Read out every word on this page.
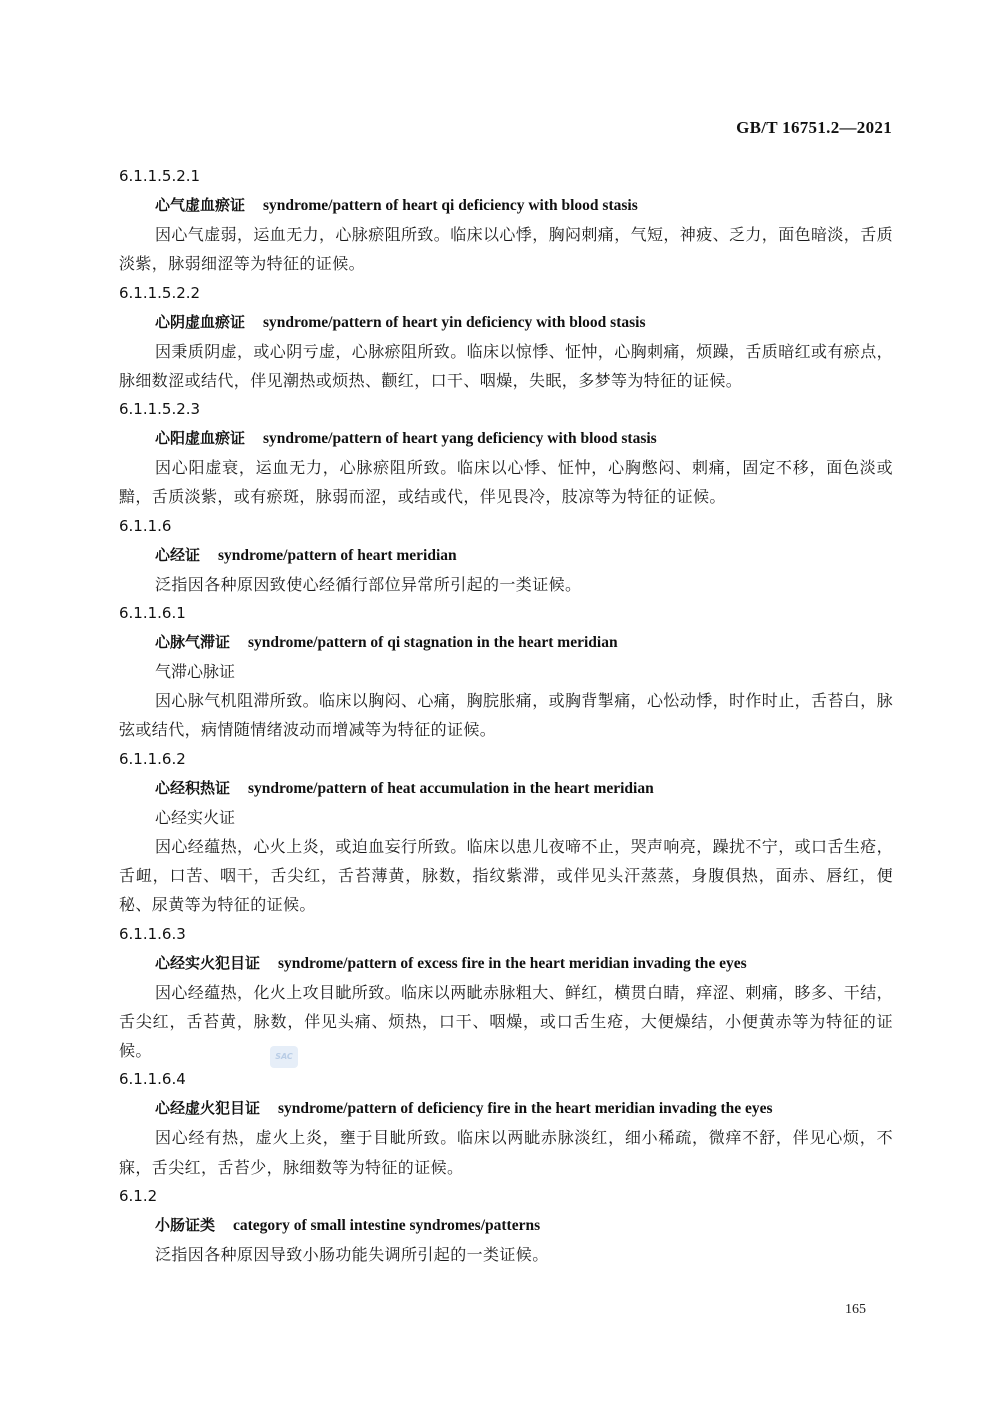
GB/T 16751.2—2021
6.1.1.5.2.1
心气虚血瘀证 syndrome/pattern of heart qi deficiency with blood stasis

因心气虚弱，运血无力，心脉瘀阻所致。临床以心悸，胸闷刺痛，气短，神疲、乏力，面色暗淡，舌质淡紫，脉弱细涩等为特征的证候。

6.1.1.5.2.2
心阴虚血瘀证 syndrome/pattern of heart yin deficiency with blood stasis

因秉质阴虚，或心阴亏虚，心脉瘀阻所致。临床以惊悸、怔忡，心胸刺痛，烦躁，舌质暗红或有瘀点，脉细数涩或结代，伴见潮热或烦热、颧红，口干、咽燥，失眠，多梦等为特征的证候。

6.1.1.5.2.3
心阳虚血瘀证 syndrome/pattern of heart yang deficiency with blood stasis

因心阳虚衰，运血无力，心脉瘀阻所致。临床以心悸、怔忡，心胸憋闷、刺痛，固定不移，面色淡或黯，舌质淡紫，或有瘀斑，脉弱而涩，或结或代，伴见畏冷，肢凉等为特征的证候。

6.1.1.6
心经证 syndrome/pattern of heart meridian

泛指因各种原因致使心经循行部位异常所引起的一类证候。

6.1.1.6.1
心脉气滞证 syndrome/pattern of qi stagnation in the heart meridian
气滞心脉证

因心脉气机阻滞所致。临床以胸闷、心痛，胸脘胀痛，或胸背掣痛，心忪动悸，时作时止，舌苔白，脉弦或结代，病情随情绪波动而增减等为特征的证候。

6.1.1.6.2
心经积热证 syndrome/pattern of heat accumulation in the heart meridian
心经实火证

因心经蕴热，心火上炎，或迫血妄行所致。临床以患儿夜啼不止，哭声响亮，躁扰不宁，或口舌生疮，舌衄，口苦、咽干，舌尖红，舌苔薄黄，脉数，指纹紫滞，或伴见头汗蒸蒸，身腹俱热，面赤、唇红，便秘、尿黄等为特征的证候。

6.1.1.6.3
心经实火犯目证 syndrome/pattern of excess fire in the heart meridian invading the eyes

因心经蕴热，化火上攻目眦所致。临床以两眦赤脉粗大、鲜红，横贯白睛，痒涩、刺痛，眵多、干结，舌尖红，舌苔黄，脉数，伴见头痛、烦热，口干、咽燥，或口舌生疮，大便燥结，小便黄赤等为特征的证候。

6.1.1.6.4
心经虚火犯目证 syndrome/pattern of deficiency fire in the heart meridian invading the eyes

因心经有热，虚火上炎，壅于目眦所致。临床以两眦赤脉淡红，细小稀疏，微痒不舒，伴见心烦，不寐，舌尖红，舌苔少，脉细数等为特征的证候。

6.1.2
小肠证类 category of small intestine syndromes/patterns

泛指因各种原因导致小肠功能失调所引起的一类证候。

SAC
165
